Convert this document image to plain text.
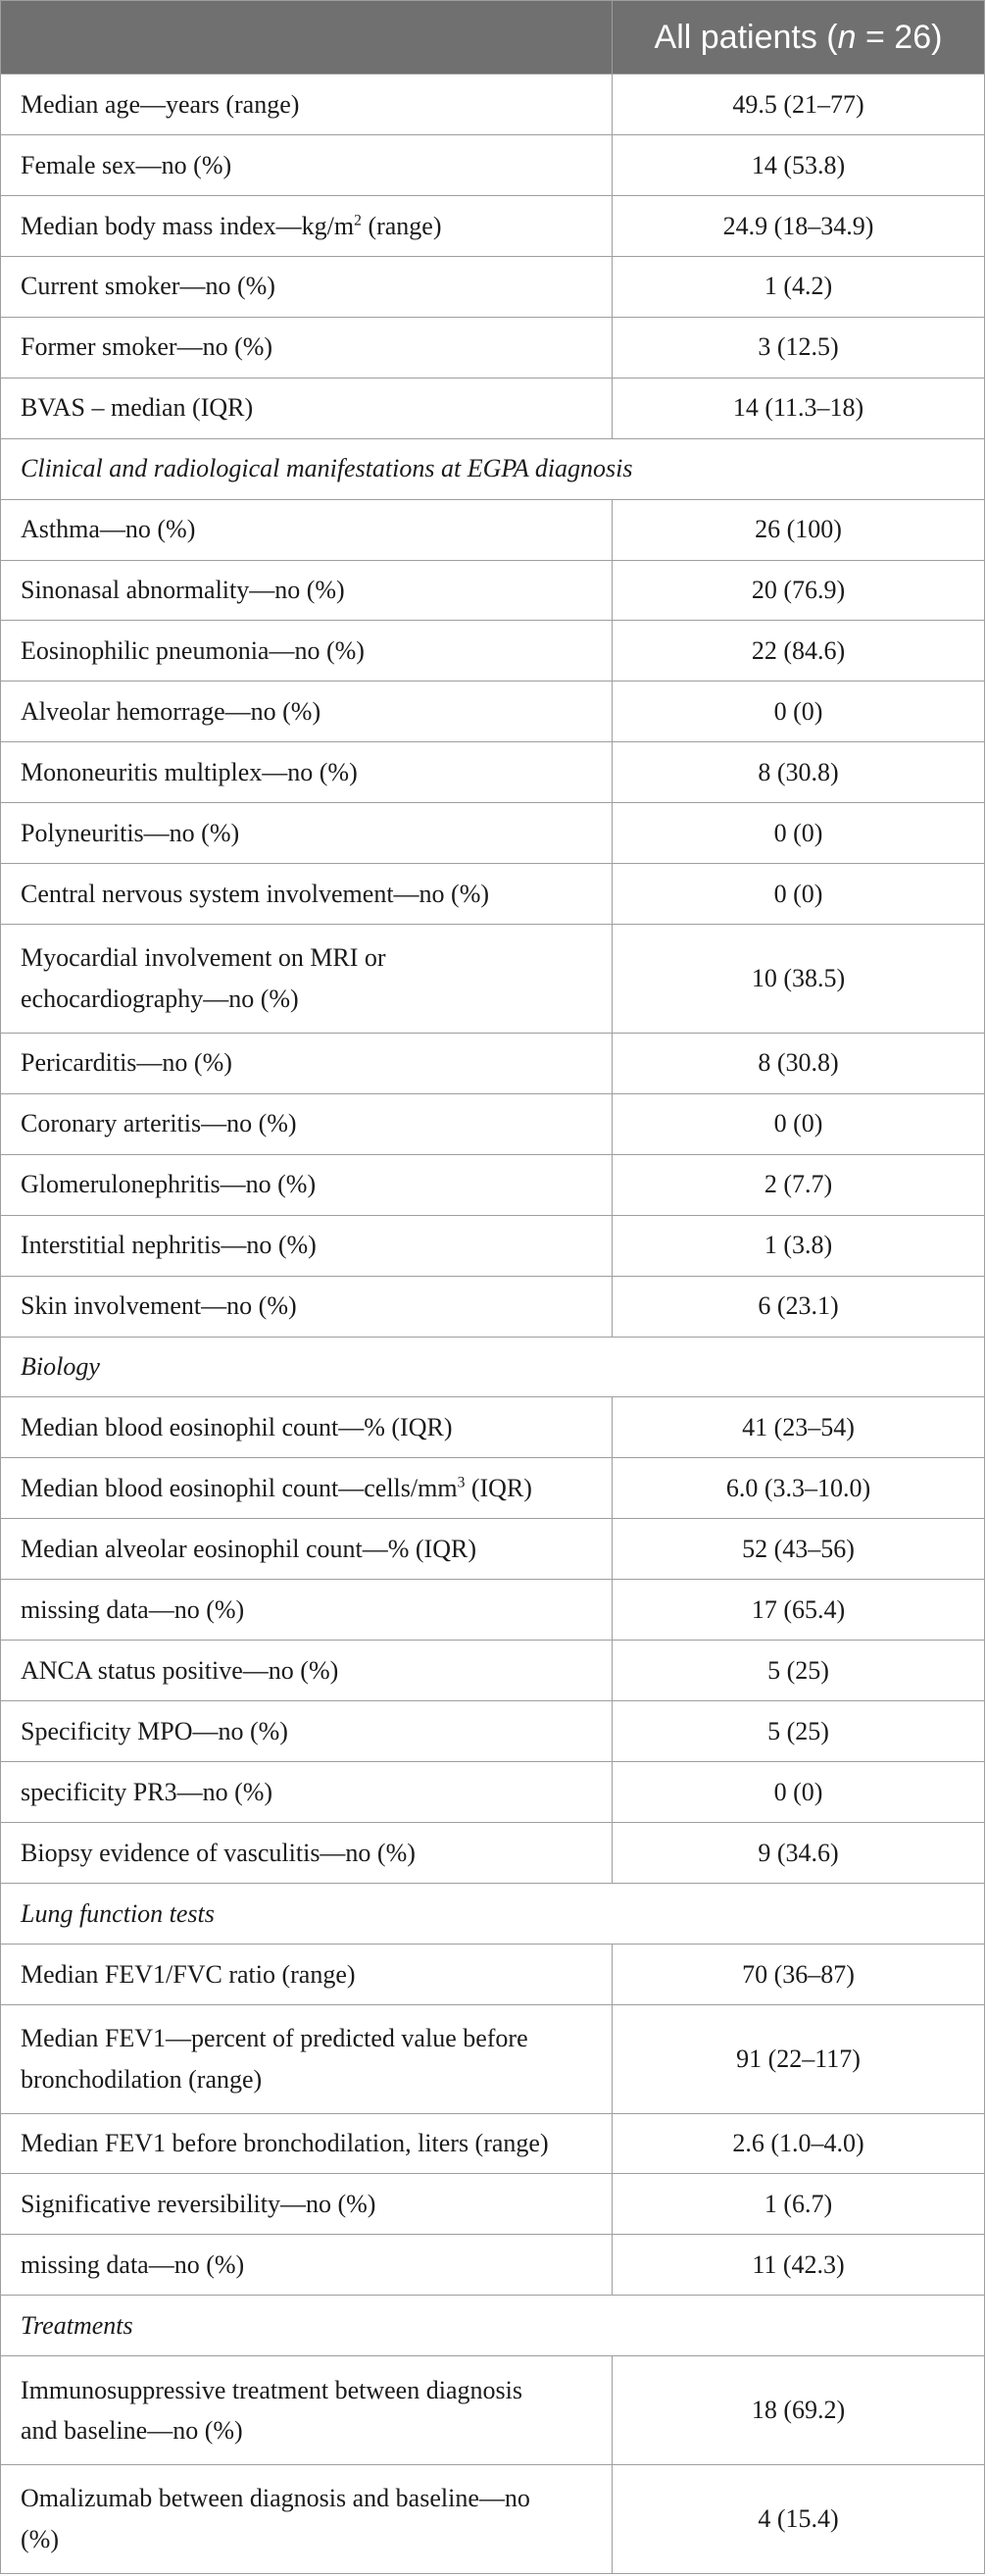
	All patients (n = 26)
Median age—years (range)	49.5 (21–77)
Female sex—no (%)	14 (53.8)
Median body mass $index—kg/m^2$ (range)	24.9 (18–34.9)
Current smoker—no (%)	1 (4.2)
Former smoker—no (%)	3 (12.5)
BVAS – median (IQR)	14 (11.3–18)
Clinical and radiological manifestations at EGPA diagnosis	
Asthma—no (%)	26 (100)
Sinonasal abnormality—no (%)	20 (76.9)
Eosinophilic pneumonia—no (%)	22 (84.6)
Alveolar hemorrage—no (%)	0 (0)
Mononeuritis multiplex—no (%)	8 (30.8)
Polyneuritis—no (%)	0 (0)
Central nervous system involvement—no (%)	0 (0)

Myocardial involvement on MRI or
echocardiography—no (%)	10 (38.5)
Pericarditis—no (%)	8 (30.8)
Coronary arteritis—no (%)	0 (0)
Glomerulonephritis—no (%)	2 (7.7)
Interstitial nephritis—no (%)	1 (3.8)
Skin involvement—no (%)	6 (23.1)
Biology	
Median blood eosinophil count—% (IQR)	41 (23–54)
Median blood eosinophil $count—cells/mm^3$ (IQR)	6.0 (3.3–10.0)
Median alveolar eosinophil count—% (IQR)	52 (43–56)
missing data—no (%)	17 (65.4)
ANCA status positive—no (%)	5 (25)
Specificity MPO—no (%)	5 (25)
specificity PR3—no (%)	0 (0)
Biopsy evidence of vasculitis—no (%)	9 (34.6)
Lung function tests	
Median FEV1/FVC ratio (range)	70 (36–87)

Median FEV1—percent of predicted value before
bronchodilation (range)	91 (22–117)
Median FEV1 before bronchodilation, liters (range)	2.6 (1.0–4.0)
Significative reversibility—no (%)	1 (6.7)
missing data—no (%)	11 (42.3)
Treatments	

Immunosuppressive treatment between diagnosis
and baseline—no (%)	18 (69.2)

Omalizumab between diagnosis and baseline—no
(%)	4 (15.4)
